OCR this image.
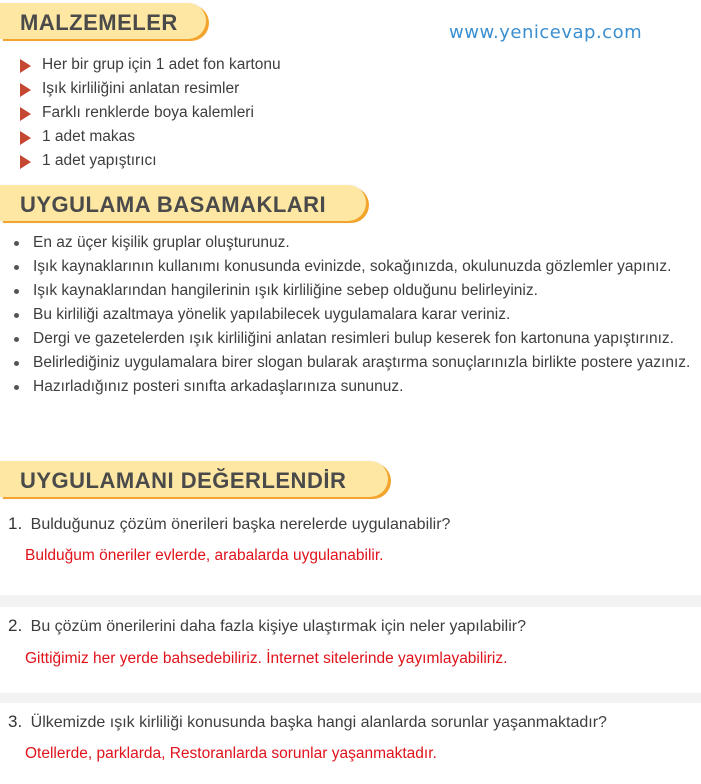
www.yenicevap.com
MALZEMELER
Her bir grup için 1 adet fon kartonu
Işık kirliliğini anlatan resimler
Farklı renklerde boya kalemleri
1 adet makas
1 adet yapıştırıcı
UYGULAMA BASAMAKLARI
En az üçer kişilik gruplar oluşturunuz.
Işık kaynaklarının kullanımı konusunda evinizde, sokağınızda, okulunuzda gözlemler yapınız.
Işık kaynaklarından hangilerinin ışık kirliliğine sebep olduğunu belirleyiniz.
Bu kirliliği azaltmaya yönelik yapılabilecek uygulamalara karar veriniz.
Dergi ve gazetelerden ışık kirliliğini anlatan resimleri bulup keserek fon kartonuna yapıştırınız.
Belirlediğiniz uygulamalara birer slogan bularak araştırma sonuçlarınızla birlikte postere yazınız.
Hazırladığınız posteri sınıfta arkadaşlarınıza sununuz.
UYGULAMANI DEĞERLENDİR
1. Bulduğunuz çözüm önerileri başka nerelerde uygulanabilir?
Bulduğum öneriler evlerde, arabalarda uygulanabilir.
2. Bu çözüm önerilerini daha fazla kişiye ulaştırmak için neler yapılabilir?
Gittiğimiz her yerde bahsedebiliriz. İnternet sitelerinde yayımlayabiliriz.
3. Ülkemizde ışık kirliliği konusunda başka hangi alanlarda sorunlar yaşanmaktadır?
Otellerde, parklarda, Restoranlarda sorunlar yaşanmaktadır.
